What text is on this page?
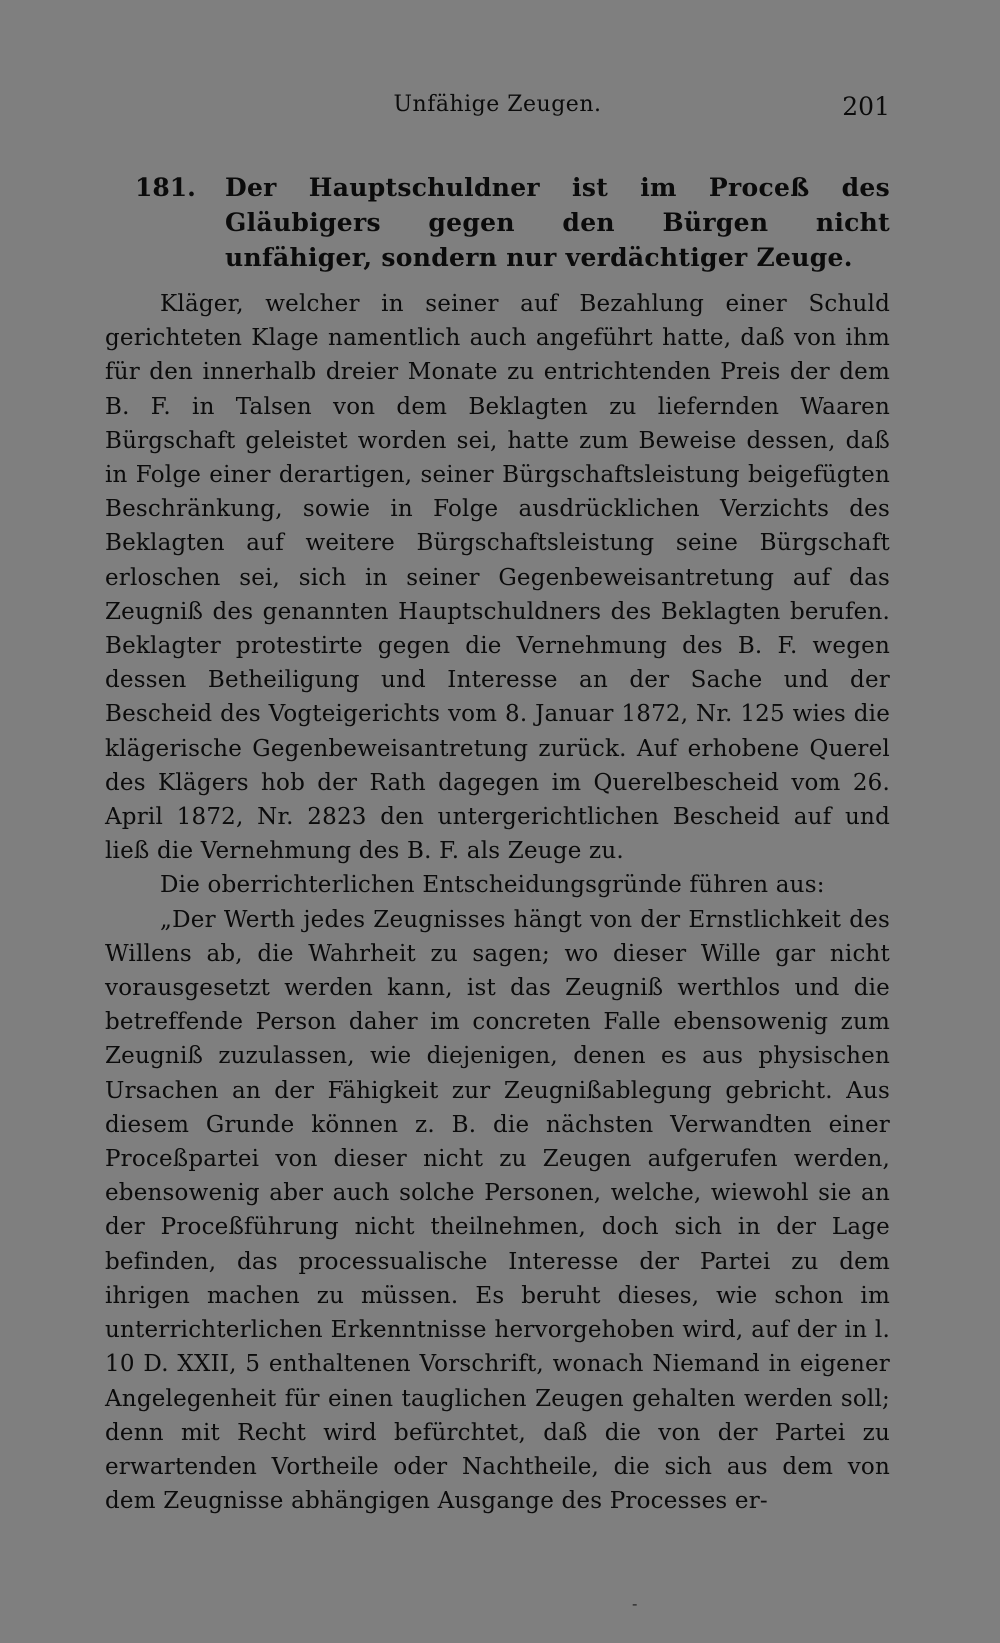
Unfähige Zeugen.	201
181.	Der Hauptschuldner ist im Proceß des Gläubigers gegen den Bürgen nicht unfähiger, sondern nur verdächtiger Zeuge.

Kläger, welcher in seiner auf Bezahlung einer Schuld gerichteten Klage namentlich auch angeführt hatte, daß von ihm für den innerhalb dreier Monate zu entrichtenden Preis der dem B. F. in Talsen von dem Beklagten zu liefernden Waaren Bürgschaft geleistet worden sei, hatte zum Beweise dessen, daß in Folge einer derartigen, seiner Bürgschaftsleistung beigefügten Beschränkung, sowie in Folge ausdrücklichen Verzichts des Beklagten auf weitere Bürgschaftsleistung seine Bürgschaft erloschen sei, sich in seiner Gegenbeweisantretung auf das Zeugniß des genannten Hauptschuldners des Beklagten berufen. Beklagter protestirte gegen die Vernehmung des B. F. wegen dessen Betheiligung und Interesse an der Sache und der Bescheid des Vogteigerichts vom 8. Januar 1872, Nr. 125 wies die klägerische Gegenbeweisantretung zurück. Auf erhobene Querel des Klägers hob der Rath dagegen im Querelbescheid vom 26. April 1872, Nr. 2823 den untergerichtlichen Bescheid auf und ließ die Vernehmung des B. F. als Zeuge zu.

Die oberrichterlichen Entscheidungsgründe führen aus:

„Der Werth jedes Zeugnisses hängt von der Ernstlichkeit des Willens ab, die Wahrheit zu sagen; wo dieser Wille gar nicht vorausgesetzt werden kann, ist das Zeugniß werthlos und die betreffende Person daher im concreten Falle ebensowenig zum Zeugniß zuzulassen, wie diejenigen, denen es aus physischen Ursachen an der Fähigkeit zur Zeugnißablegung gebricht. Aus diesem Grunde können z. B. die nächsten Verwandten einer Proceßpartei von dieser nicht zu Zeugen aufgerufen werden, ebensowenig aber auch solche Personen, welche, wiewohl sie an der Proceßführung nicht theilnehmen, doch sich in der Lage befinden, das processualische Interesse der Partei zu dem ihrigen machen zu müssen. Es beruht dieses, wie schon im unterrichterlichen Erkenntnisse hervorgehoben wird, auf der in l. 10 D. XXII, 5 enthaltenen Vorschrift, wonach Niemand in eigener Angelegenheit für einen tauglichen Zeugen gehalten werden soll; denn mit Recht wird befürchtet, daß die von der Partei zu erwartenden Vortheile oder Nachtheile, die sich aus dem von dem Zeugnisse abhängigen Ausgange des Processes er-

-
